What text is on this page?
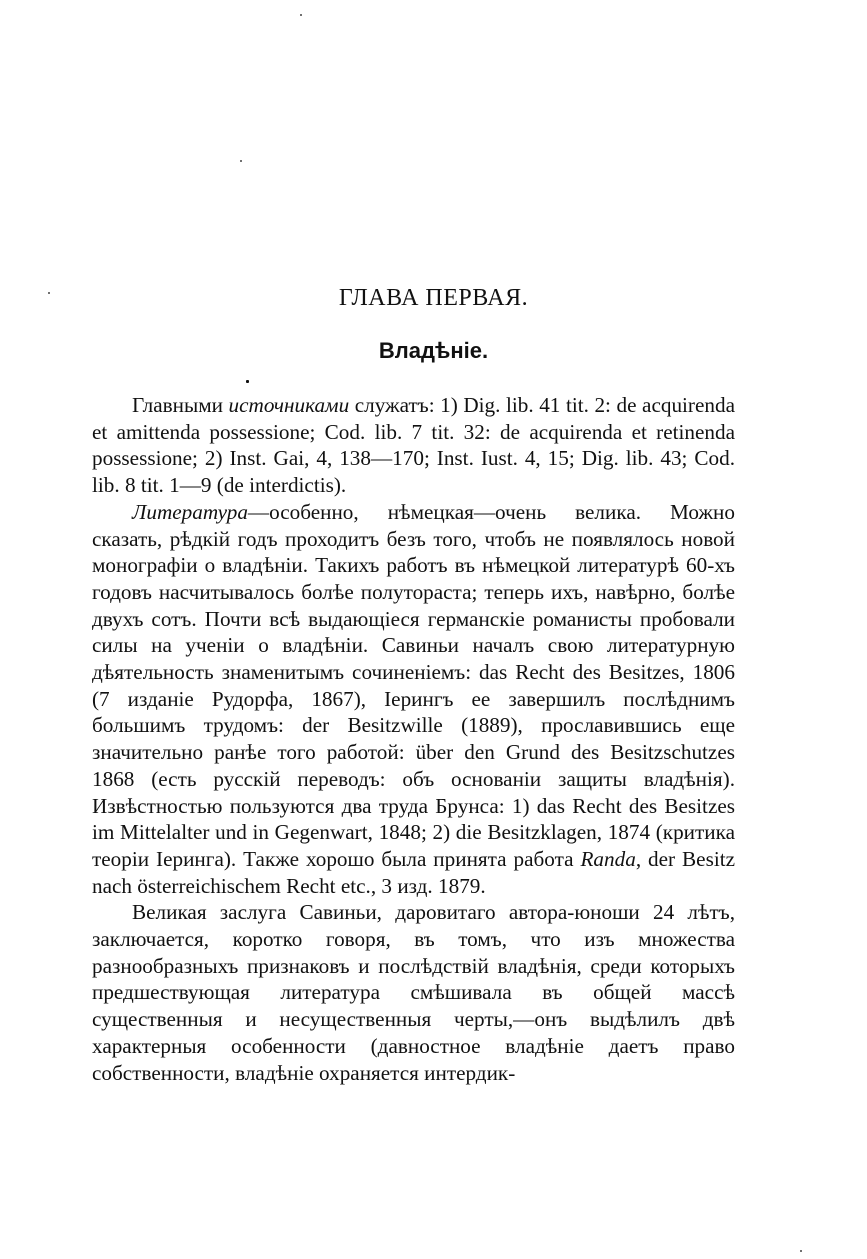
ГЛАВА ПЕРВАЯ.
Владѣніе.

Главными источниками служатъ: 1) Dig. lib. 41 tit. 2: de acquirenda et amittenda possessione; Cod. lib. 7 tit. 32: de acquirenda et retinenda possessione; 2) Inst. Gai, 4, 138—170; Inst. Iust. 4, 15; Dig. lib. 43; Cod. lib. 8 tit. 1—9 (de interdictis).

Литература—особенно, нѣмецкая—очень велика. Можно сказать, рѣдкій годъ проходитъ безъ того, чтобъ не появлялось новой монографіи о владѣніи. Такихъ работъ въ нѣмецкой литературѣ 60-хъ годовъ насчитывалось болѣе полутораста; теперь ихъ, навѣрно, болѣе двухъ сотъ. Почти всѣ выдающіеся германскіе романисты пробовали силы на ученіи о владѣніи. Савиньи началъ свою литературную дѣятельность знаменитымъ сочиненіемъ: das Recht des Besitzes, 1806 (7 изданіе Рудорфа, 1867), Іерингъ ее завершилъ послѣднимъ большимъ трудомъ: der Besitzwille (1889), прославившись еще значительно ранѣе того работой: über den Grund des Besitzschutzes 1868 (есть русскій переводъ: объ основаніи защиты владѣнія). Извѣстностью пользуются два труда Брунса: 1) das Recht des Besitzes im Mittelalter und in Gegenwart, 1848; 2) die Besitzklagen, 1874 (критика теоріи Іеринга). Также хорошо была принята работа Randa, der Besitz nach österreichischem Recht etc., 3 изд. 1879.

Великая заслуга Савиньи, даровитаго автора-юноши 24 лѣтъ, заключается, коротко говоря, въ томъ, что изъ множества разнообразныхъ признаковъ и послѣдствій владѣнія, среди которыхъ предшествующая литература смѣшивала въ общей массѣ существенныя и несущественныя черты,—онъ выдѣлилъ двѣ характерныя особенности (давностное владѣніе даетъ право собственности, владѣніе охраняется интердик-
